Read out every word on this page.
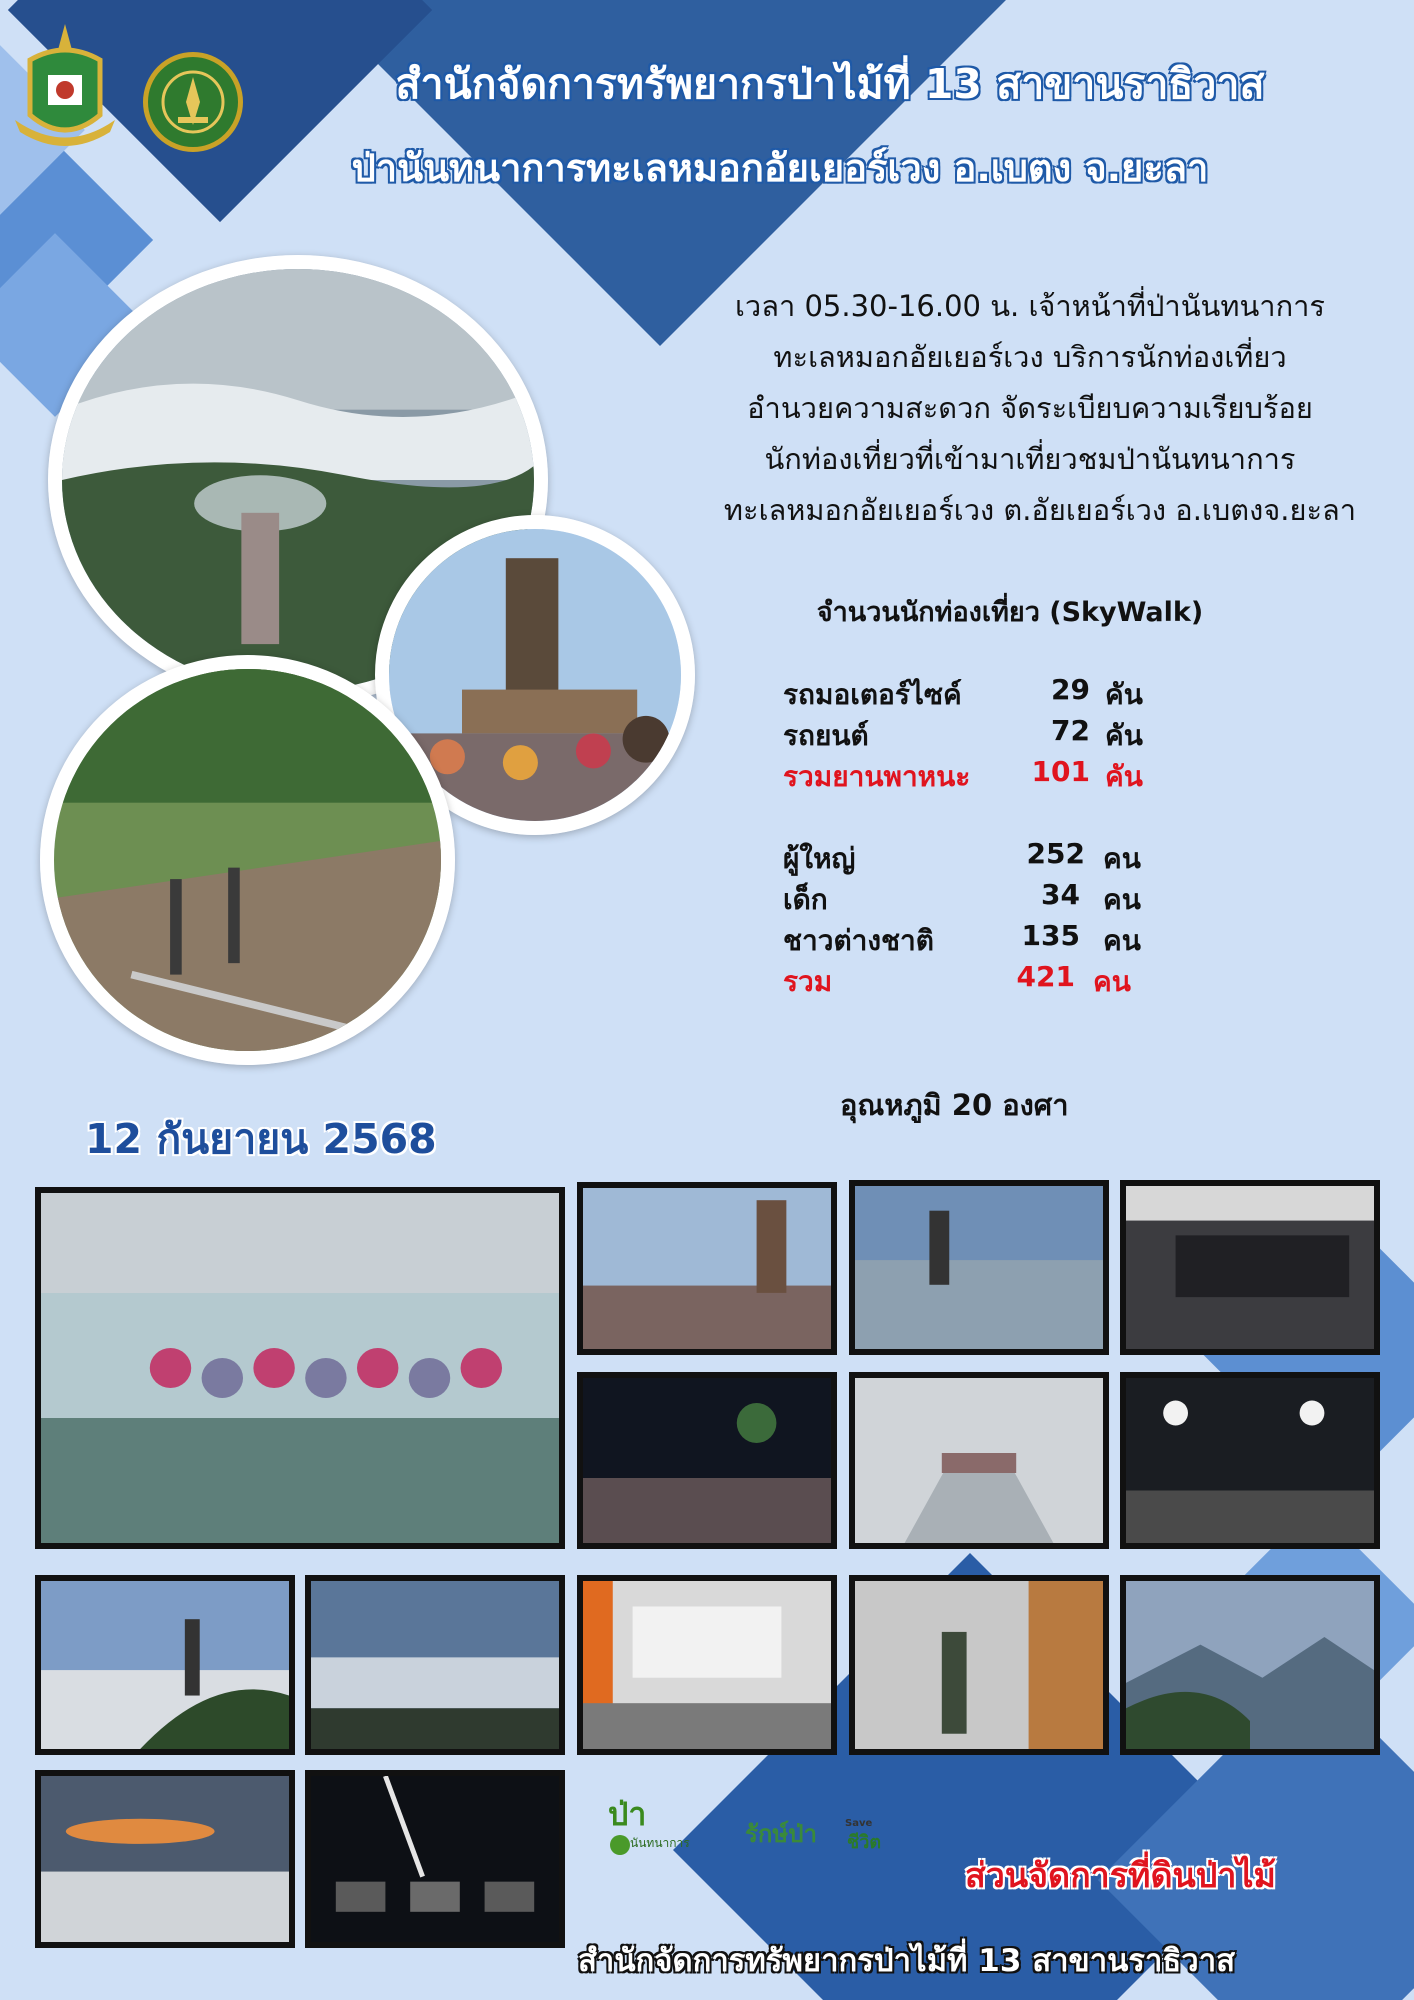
สำนักจัดการทรัพยากรป่าไม้ที่ 13 สาขานราธิวาส
ป่านันทนาการทะเลหมอกอัยเยอร์เวง อ.เบตง จ.ยะลา
เวลา 05.30-16.00 น. เจ้าหน้าที่ป่านันทนาการ
ทะเลหมอกอัยเยอร์เวง บริการนักท่องเที่ยว
อำนวยความสะดวก จัดระเบียบความเรียบร้อย
นักท่องเที่ยวที่เข้ามาเที่ยวชมป่านันทนาการ
ทะเลหมอกอัยเยอร์เวง ต.อัยเยอร์เวง อ.เบตงจ.ยะลา
จำนวนนักท่องเที่ยว (SkyWalk)
รถมอเตอร์ไซค์	29 คัน
รถยนต์	72 คัน
รวมยานพาหนะ	101 คัน
ผู้ใหญ่	252 คน
เด็ก	34 คน
ชาวต่างชาติ	135 คน
รวม	421 คน
อุณหภูมิ 20 องศา
12 กันยายน 2568
ป่า
นันทนาการ รักษ์ป่า	Save
ชีวิต
ส่วนจัดการที่ดินป่าไม้
สำนักจัดการทรัพยากรป่าไม้ที่ 13 สาขานราธิวาส
